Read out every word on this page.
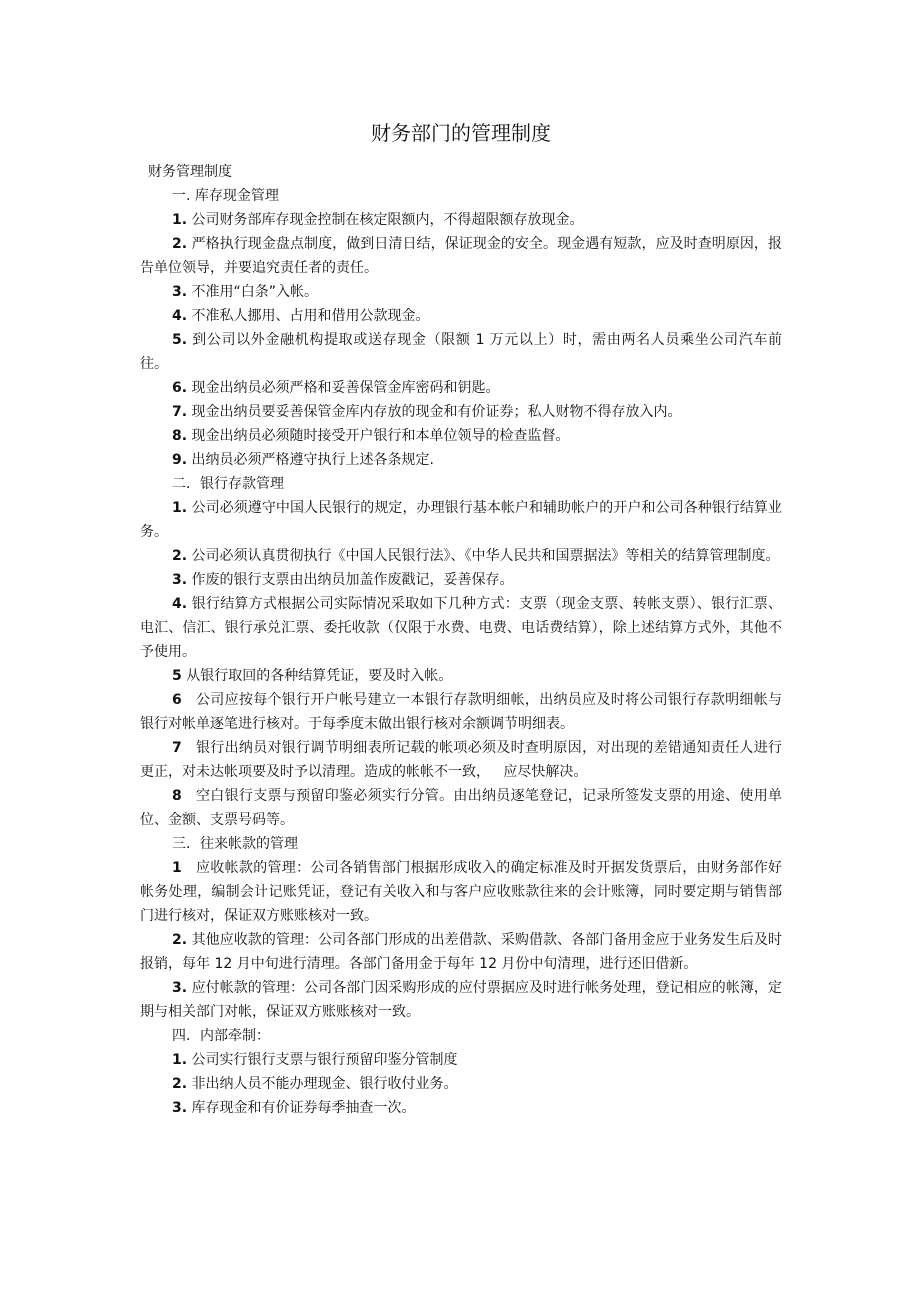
财务部门的管理制度

财务管理制度

一. 库存现金管理

1. 公司财务部库存现金控制在核定限额内，不得超限额存放现金。

2. 严格执行现金盘点制度，做到日清日结，保证现金的安全。现金遇有短款，应及时查明原因，报告单位领导，并要追究责任者的责任。

3. 不准用“白条”入帐。

4. 不准私人挪用、占用和借用公款现金。

5. 到公司以外金融机构提取或送存现金（限额 1 万元以上）时，需由两名人员乘坐公司汽车前往。

6. 现金出纳员必须严格和妥善保管金库密码和钥匙。

7. 现金出纳员要妥善保管金库内存放的现金和有价证券；私人财物不得存放入内。

8. 现金出纳员必须随时接受开户银行和本单位领导的检查监督。

9. 出纳员必须严格遵守执行上述各条规定.

二．银行存款管理

1. 公司必须遵守中国人民银行的规定，办理银行基本帐户和辅助帐户的开户和公司各种银行结算业务。

2. 公司必须认真贯彻执行《中国人民银行法》、《中华人民共和国票据法》等相关的结算管理制度。

3. 作废的银行支票由出纳员加盖作废戳记，妥善保存。

4. 银行结算方式根据公司实际情况采取如下几种方式：支票（现金支票、转帐支票）、银行汇票、电汇、信汇、银行承兑汇票、委托收款（仅限于水费、电费、电话费结算），除上述结算方式外，其他不予使用。

5 从银行取回的各种结算凭证，要及时入帐。

6   公司应按每个银行开户帐号建立一本银行存款明细帐，出纳员应及时将公司银行存款明细帐与银行对帐单逐笔进行核对。于每季度末做出银行核对余额调节明细表。

7   银行出纳员对银行调节明细表所记载的帐项必须及时查明原因，对出现的差错通知责任人进行更正，对未达帐项要及时予以清理。造成的帐帐不一致，   应尽快解决。

8   空白银行支票与预留印鉴必须实行分管。由出纳员逐笔登记，记录所签发支票的用途、使用单位、金额、支票号码等。

三．往来帐款的管理

1   应收帐款的管理：公司各销售部门根据形成收入的确定标准及时开据发货票后，由财务部作好帐务处理，编制会计记账凭证，登记有关收入和与客户应收账款往来的会计账簿，同时要定期与销售部门进行核对，保证双方账账核对一致。

2. 其他应收款的管理：公司各部门形成的出差借款、采购借款、各部门备用金应于业务发生后及时报销，每年 12 月中旬进行清理。各部门备用金于每年 12 月份中旬清理，进行还旧借新。

3. 应付帐款的管理：公司各部门因采购形成的应付票据应及时进行帐务处理，登记相应的帐簿，定期与相关部门对帐，保证双方账账核对一致。

四．内部牵制：

1. 公司实行银行支票与银行预留印鉴分管制度

2. 非出纳人员不能办理现金、银行收付业务。

3. 库存现金和有价证券每季抽查一次。
